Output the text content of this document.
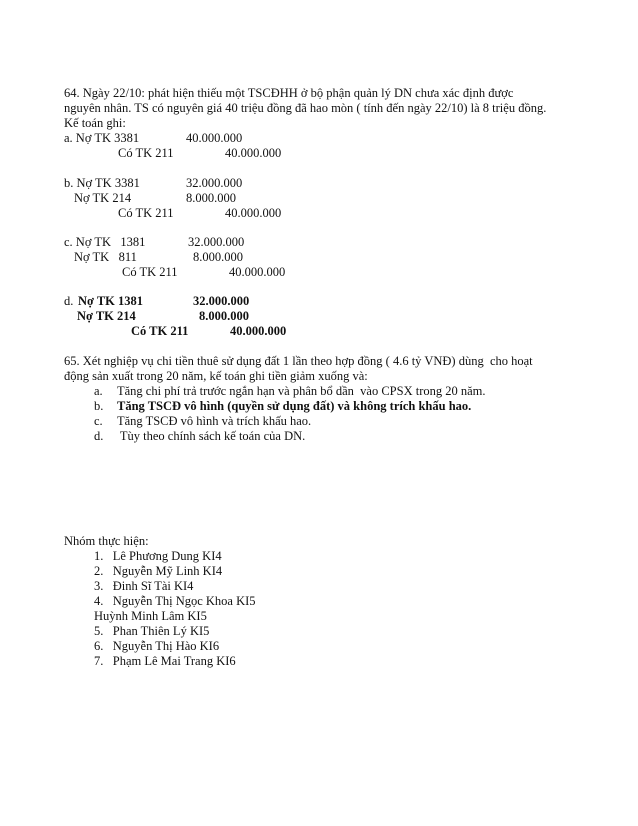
64. Ngày 22/10: phát hiện thiếu một TSCĐHH ở bộ phận quản lý DN chưa xác định được
nguyên nhân. TS có nguyên giá 40 triệu đồng đã hao mòn ( tính đến ngày 22/10) là 8 triệu đồng.
Kế toán ghi:
a. Nợ TK 3381	40.000.000
Có TK 211	40.000.000
b. Nợ TK 3381	32.000.000
Nợ TK 214	8.000.000
Có TK 211	40.000.000
c. Nợ TK   1381	32.000.000
Nợ TK   811	8.000.000
Có TK 211	40.000.000
d. Nợ TK 1381	32.000.000
Nợ TK 214	8.000.000
Có TK 211	40.000.000
65. Xét nghiệp vụ chi tiền thuê sử dụng đất 1 lần theo hợp đồng ( 4.6 tỷ VNĐ) dùng  cho hoạt
động sản xuất trong 20 năm, kế toán ghi tiền giảm xuống và:
a. Tăng chi phí trả trước ngắn hạn và phân bổ dần  vào CPSX trong 20 năm.
b. Tăng TSCĐ vô hình (quyền sử dụng đất) và không trích khấu hao.
c. Tăng TSCĐ vô hình và trích khấu hao.
d. Tùy theo chính sách kế toán của DN.
Nhóm thực hiện:
1.   Lê Phương Dung KI4
2.   Nguyễn Mỹ Linh KI4
3.   Đinh Sĩ Tài KI4
4.   Nguyễn Thị Ngọc Khoa KI5
Huỳnh Minh Lâm KI5
5.   Phan Thiên Lý KI5
6.   Nguyễn Thị Hào KI6
7.   Phạm Lê Mai Trang KI6
